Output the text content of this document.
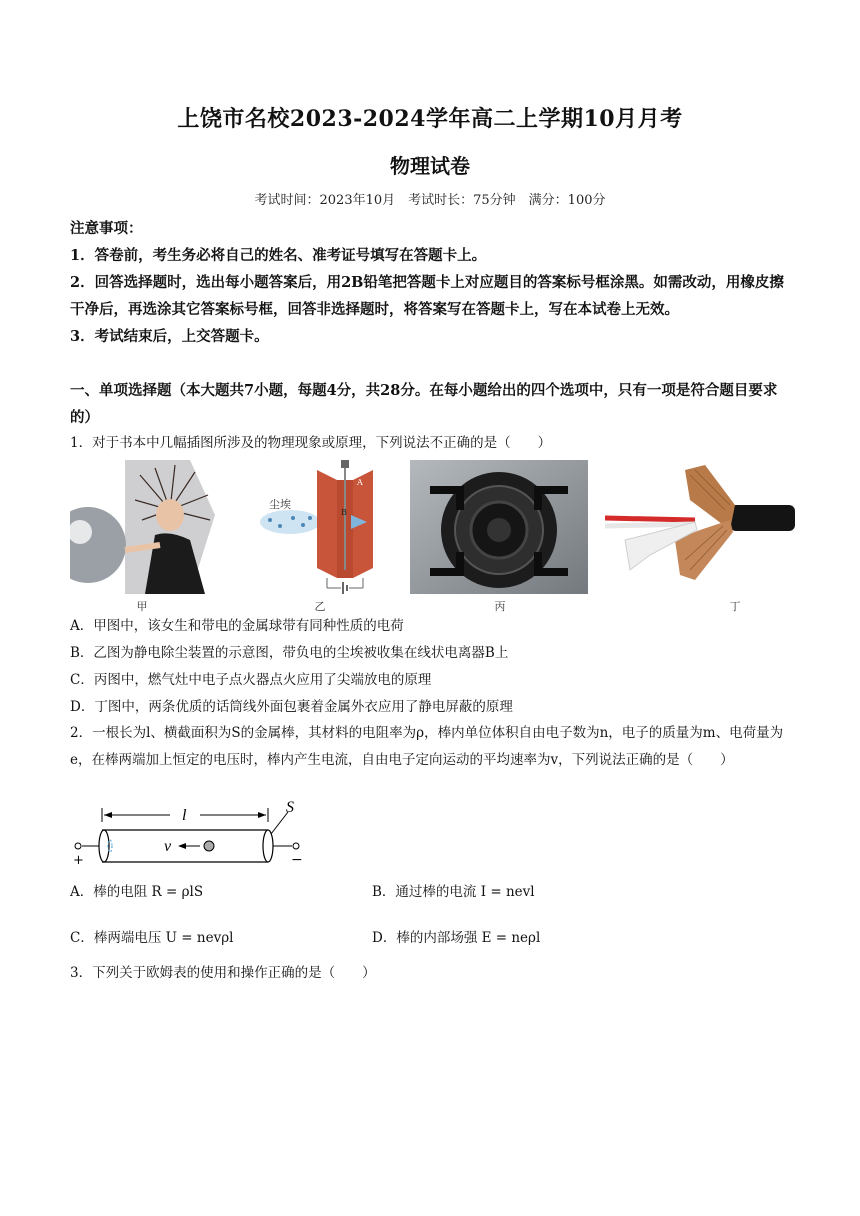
上饶市名校2023-2024学年高二上学期10月月考
物理试卷
考试时间：2023年10月　考试时长：75分钟　满分：100分

注意事项：

1．答卷前，考生务必将自己的姓名、准考证号填写在答题卡上。

2．回答选择题时，选出每小题答案后，用2B铅笔把答题卡上对应题目的答案标号框涂黑。如需改动，用橡皮擦干净后，再选涂其它答案标号框，回答非选择题时，将答案写在答题卡上，写在本试卷上无效。

3．考试结束后，上交答题卡。

一、单项选择题（本大题共7小题，每题4分，共28分。在每小题给出的四个选项中，只有一项是符合题目要求的）
1．对于书本中几幅插图所涉及的物理现象或原理，下列说法不正确的是（　　）
甲
尘埃
A
B
乙	丙	丁

A．甲图中，该女生和带电的金属球带有同种性质的电荷

B．乙图为静电除尘装置的示意图，带负电的尘埃被收集在线状电离器B上

C．丙图中，燃气灶中电子点火器点火应用了尖端放电的原理

D．丁图中，两条优质的话筒线外面包裹着金属外衣应用了静电屏蔽的原理

2．一根长为l、横截面积为S的金属棒，其材料的电阻率为ρ，棒内单位体积自由电子数为n，电子的质量为m、电荷量为e，在棒两端加上恒定的电压时，棒内产生电流，自由电子定向运动的平均速率为v，下列说法正确的是（　　）
l	S
+	−
v
A．棒的电阻 R = ρlS	B．通过棒的电流 I = nevl
C．棒两端电压 U = nevρl	D．棒的内部场强 E = neρl
3．下列关于欧姆表的使用和操作正确的是（　　）
